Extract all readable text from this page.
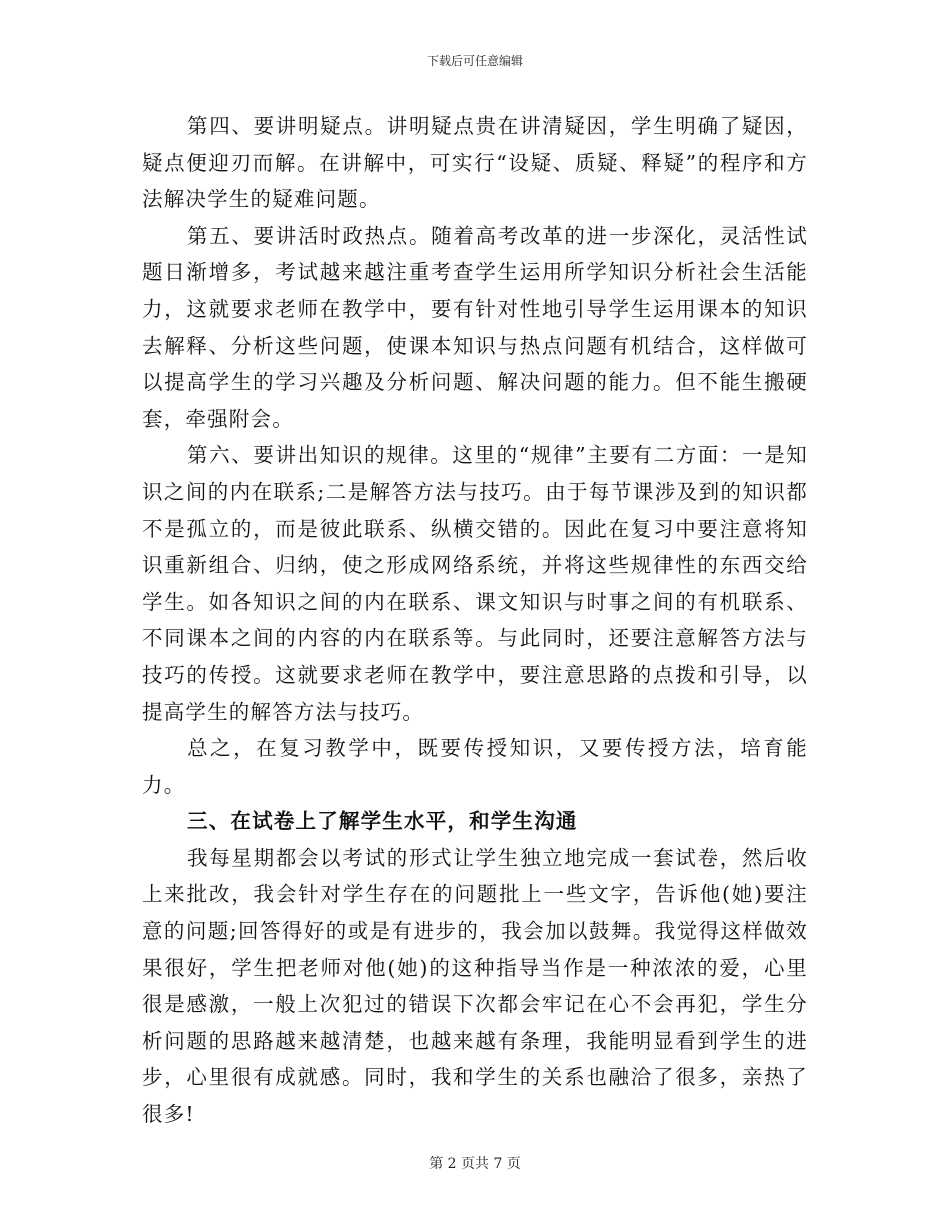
下载后可任意编辑

第四、要讲明疑点。讲明疑点贵在讲清疑因，学生明确了疑因，疑点便迎刃而解。在讲解中，可实行“设疑、质疑、释疑”的程序和方法解决学生的疑难问题。

第五、要讲活时政热点。随着高考改革的进一步深化，灵活性试题日渐增多，考试越来越注重考查学生运用所学知识分析社会生活能力，这就要求老师在教学中，要有针对性地引导学生运用课本的知识去解释、分析这些问题，使课本知识与热点问题有机结合，这样做可以提高学生的学习兴趣及分析问题、解决问题的能力。但不能生搬硬套，牵强附会。

第六、要讲出知识的规律。这里的“规律”主要有二方面：一是知识之间的内在联系;二是解答方法与技巧。由于每节课涉及到的知识都不是孤立的，而是彼此联系、纵横交错的。因此在复习中要注意将知识重新组合、归纳，使之形成网络系统，并将这些规律性的东西交给学生。如各知识之间的内在联系、课文知识与时事之间的有机联系、不同课本之间的内容的内在联系等。与此同时，还要注意解答方法与技巧的传授。这就要求老师在教学中，要注意思路的点拨和引导，以提高学生的解答方法与技巧。

总之，在复习教学中，既要传授知识，又要传授方法，培育能力。

三、在试卷上了解学生水平，和学生沟通

我每星期都会以考试的形式让学生独立地完成一套试卷，然后收上来批改，我会针对学生存在的问题批上一些文字，告诉他(她)要注意的问题;回答得好的或是有进步的，我会加以鼓舞。我觉得这样做效果很好，学生把老师对他(她)的这种指导当作是一种浓浓的爱，心里很是感激，一般上次犯过的错误下次都会牢记在心不会再犯，学生分析问题的思路越来越清楚，也越来越有条理，我能明显看到学生的进步，心里很有成就感。同时，我和学生的关系也融洽了很多，亲热了很多!

第 2 页共 7 页
